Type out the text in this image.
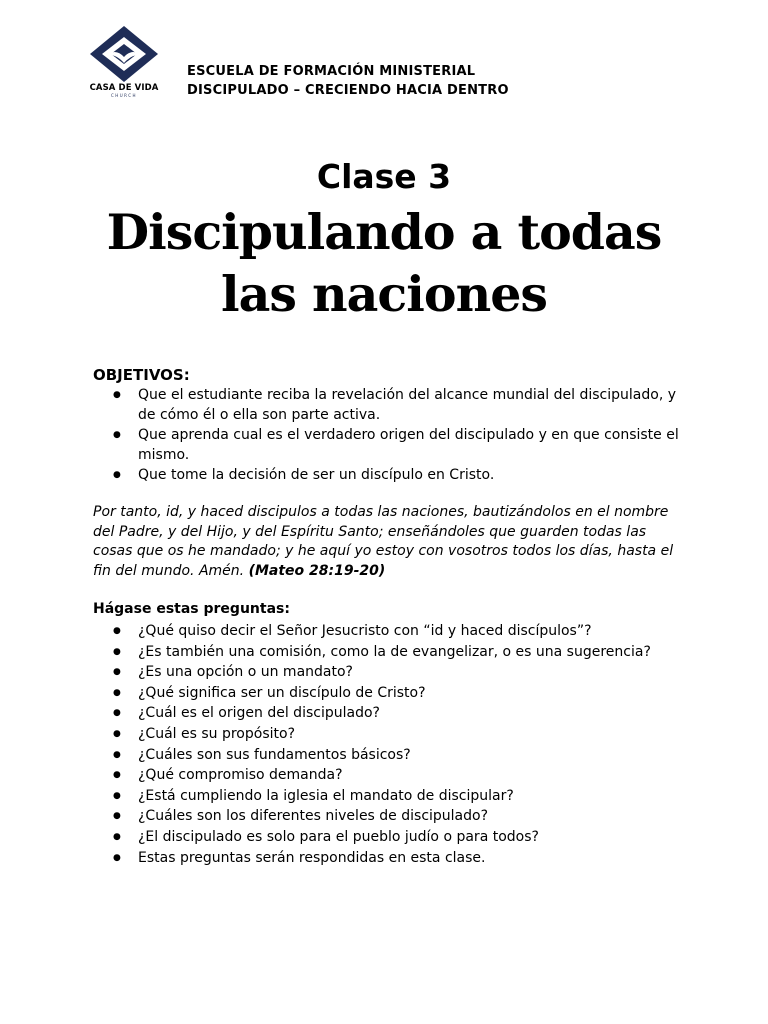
CASA DE VIDA
CHURCH
ESCUELA DE FORMACIÓN MINISTERIAL
DISCIPULADO – CRECIENDO HACIA DENTRO
Clase 3
Discipulando a todas
las naciones
OBJETIVOS:
● Que el estudiante reciba la revelación del alcance mundial del discipulado, y de cómo él o ella son parte activa.
● Que aprenda cual es el verdadero origen del discipulado y en que consiste el mismo.
● Que tome la decisión de ser un discípulo en Cristo.
Por tanto, id, y haced discipulos a todas las naciones, bautizándolos en el nombre del Padre, y del Hijo, y del Espíritu Santo; enseñándoles que guarden todas las cosas que os he mandado; y he aquí yo estoy con vosotros todos los días, hasta el fin del mundo. Amén. (Mateo 28:19-20)
Hágase estas preguntas:
● ¿Qué quiso decir el Señor Jesucristo con “id y haced discípulos”?
● ¿Es también una comisión, como la de evangelizar, o es una sugerencia?
● ¿Es una opción o un mandato?
● ¿Qué significa ser un discípulo de Cristo?
● ¿Cuál es el origen del discipulado?
● ¿Cuál es su propósito?
● ¿Cuáles son sus fundamentos básicos?
● ¿Qué compromiso demanda?
● ¿Está cumpliendo la iglesia el mandato de discipular?
● ¿Cuáles son los diferentes niveles de discipulado?
● ¿El discipulado es solo para el pueblo judío o para todos?
● Estas preguntas serán respondidas en esta clase.
